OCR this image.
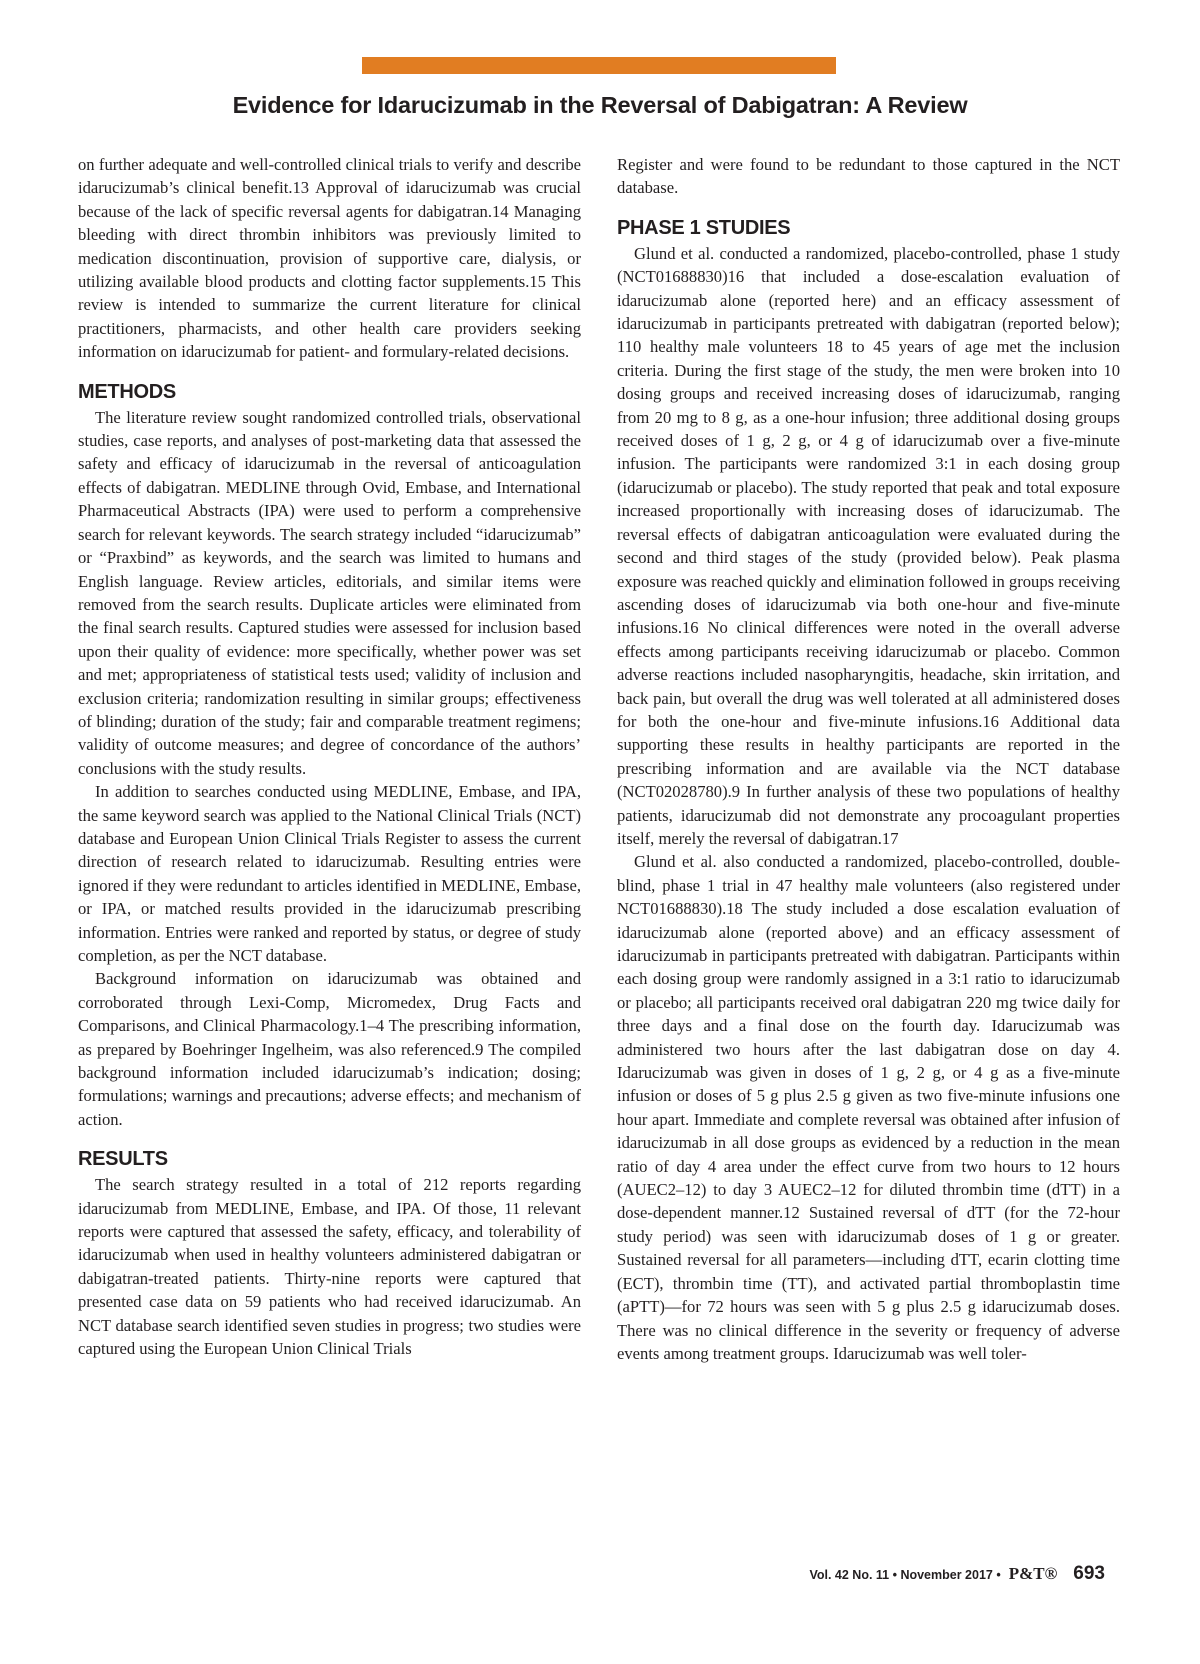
Evidence for Idarucizumab in the Reversal of Dabigatran: A Review

on further adequate and well-controlled clinical trials to verify and describe idarucizumab’s clinical benefit.13 Approval of idarucizumab was crucial because of the lack of specific reversal agents for dabigatran.14 Managing bleeding with direct thrombin inhibitors was previously limited to medication discontinuation, provision of supportive care, dialysis, or utilizing available blood products and clotting factor supplements.15 This review is intended to summarize the current literature for clinical practitioners, pharmacists, and other health care providers seeking information on idarucizumab for patient- and formulary-related decisions.

METHODS

The literature review sought randomized controlled trials, observational studies, case reports, and analyses of post-marketing data that assessed the safety and efficacy of idarucizumab in the reversal of anticoagulation effects of dabigatran. MEDLINE through Ovid, Embase, and International Pharmaceutical Abstracts (IPA) were used to perform a comprehensive search for relevant keywords. The search strategy included “idarucizumab” or “Praxbind” as keywords, and the search was limited to humans and English language. Review articles, editorials, and similar items were removed from the search results. Duplicate articles were eliminated from the final search results. Captured studies were assessed for inclusion based upon their quality of evidence: more specifically, whether power was set and met; appropriateness of statistical tests used; validity of inclusion and exclusion criteria; randomization resulting in similar groups; effectiveness of blinding; duration of the study; fair and comparable treatment regimens; validity of outcome measures; and degree of concordance of the authors’ conclusions with the study results.

In addition to searches conducted using MEDLINE, Embase, and IPA, the same keyword search was applied to the National Clinical Trials (NCT) database and European Union Clinical Trials Register to assess the current direction of research related to idarucizumab. Resulting entries were ignored if they were redundant to articles identified in MEDLINE, Embase, or IPA, or matched results provided in the idarucizumab prescribing information. Entries were ranked and reported by status, or degree of study completion, as per the NCT database.

Background information on idarucizumab was obtained and corroborated through Lexi-Comp, Micromedex, Drug Facts and Comparisons, and Clinical Pharmacology.1–4 The prescribing information, as prepared by Boehringer Ingelheim, was also referenced.9 The compiled background information included idarucizumab’s indication; dosing; formulations; warnings and precautions; adverse effects; and mechanism of action.

RESULTS

The search strategy resulted in a total of 212 reports regarding idarucizumab from MEDLINE, Embase, and IPA. Of those, 11 relevant reports were captured that assessed the safety, efficacy, and tolerability of idarucizumab when used in healthy volunteers administered dabigatran or dabigatran-treated patients. Thirty-nine reports were captured that presented case data on 59 patients who had received idarucizumab. An NCT database search identified seven studies in progress; two studies were captured using the European Union Clinical Trials

Register and were found to be redundant to those captured in the NCT database.

PHASE 1 STUDIES

Glund et al. conducted a randomized, placebo-controlled, phase 1 study (NCT01688830)16 that included a dose-escalation evaluation of idarucizumab alone (reported here) and an efficacy assessment of idarucizumab in participants pretreated with dabigatran (reported below); 110 healthy male volunteers 18 to 45 years of age met the inclusion criteria. During the first stage of the study, the men were broken into 10 dosing groups and received increasing doses of idarucizumab, ranging from 20 mg to 8 g, as a one-hour infusion; three additional dosing groups received doses of 1 g, 2 g, or 4 g of idarucizumab over a five-minute infusion. The participants were randomized 3:1 in each dosing group (idarucizumab or placebo). The study reported that peak and total exposure increased proportionally with increasing doses of idarucizumab. The reversal effects of dabigatran anticoagulation were evaluated during the second and third stages of the study (provided below). Peak plasma exposure was reached quickly and elimination followed in groups receiving ascending doses of idarucizumab via both one-hour and five-minute infusions.16 No clinical differences were noted in the overall adverse effects among participants receiving idarucizumab or placebo. Common adverse reactions included nasopharyngitis, headache, skin irritation, and back pain, but overall the drug was well tolerated at all administered doses for both the one-hour and five-minute infusions.16 Additional data supporting these results in healthy participants are reported in the prescribing information and are available via the NCT database (NCT02028780).9 In further analysis of these two populations of healthy patients, idarucizumab did not demonstrate any procoagulant properties itself, merely the reversal of dabigatran.17

Glund et al. also conducted a randomized, placebo-controlled, double-blind, phase 1 trial in 47 healthy male volunteers (also registered under NCT01688830).18 The study included a dose escalation evaluation of idarucizumab alone (reported above) and an efficacy assessment of idarucizumab in participants pretreated with dabigatran. Participants within each dosing group were randomly assigned in a 3:1 ratio to idarucizumab or placebo; all participants received oral dabigatran 220 mg twice daily for three days and a final dose on the fourth day. Idarucizumab was administered two hours after the last dabigatran dose on day 4. Idarucizumab was given in doses of 1 g, 2 g, or 4 g as a five-minute infusion or doses of 5 g plus 2.5 g given as two five-minute infusions one hour apart. Immediate and complete reversal was obtained after infusion of idarucizumab in all dose groups as evidenced by a reduction in the mean ratio of day 4 area under the effect curve from two hours to 12 hours (AUEC2–12) to day 3 AUEC2–12 for diluted thrombin time (dTT) in a dose-dependent manner.12 Sustained reversal of dTT (for the 72-hour study period) was seen with idarucizumab doses of 1 g or greater. Sustained reversal for all parameters—including dTT, ecarin clotting time (ECT), thrombin time (TT), and activated partial thromboplastin time (aPTT)—for 72 hours was seen with 5 g plus 2.5 g idarucizumab doses. There was no clinical difference in the severity or frequency of adverse events among treatment groups. Idarucizumab was well toler-

Vol. 42 No. 11 • November 2017 • P&T® 693
